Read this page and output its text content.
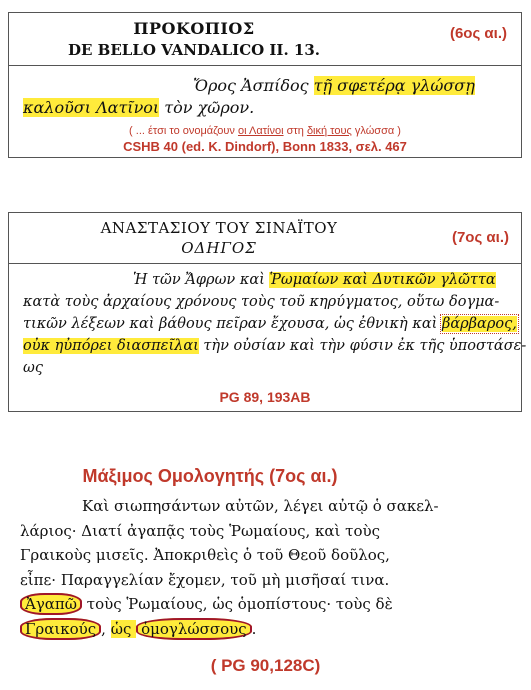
ΠΡΟΚΟΠΙΟΣ
DE BELLO VANDALICO II. 13.
(6ος αι.)
Ὄρος Ἀσπίδος τῇ σφετέρᾳ γλώσσῃ
καλοῦσι Λατῖνοι τὸν χῶρον.
( ... έτσι το ονομάζουν οι Λατίνοι στη δική τους γλώσσα )
CSHB 40 (ed. K. Dindorf), Bonn 1833, σελ. 467
ΑΝΑΣΤΑΣΙΟΥ ΤΟΥ ΣΙΝΑΪΤΟΥ
ΟΔΗΓΟΣ
(7ος αι.)
Ἡ τῶν Ἄφρων καὶ Ῥωμαίων καὶ Δυτικῶν γλῶττα
κατὰ τοὺς ἀρχαίους χρόνους τοὺς τοῦ κηρύγματος, οὕτω δογμα-
τικῶν λέξεων καὶ βάθους πεῖραν ἔχουσα, ὡς ἐθνικὴ καὶ βάρβαρος,
οὐκ ηὐπόρει διασπεῖλαι τὴν οὐσίαν καὶ τὴν φύσιν ἐκ τῆς ὑποστάσε-
ως
PG 89, 193AB
Μάξιμος Ομολογητής (7ος αι.)
Καὶ σιωπησάντων αὐτῶν, λέγει αὐτῷ ὁ σακελ-
λάριος· Διατί ἀγαπᾷς τοὺς Ῥωμαίους, καὶ τοὺς
Γραικοὺς μισεῖς. Ἀποκριθεὶς ὁ τοῦ Θεοῦ δοῦλος,
εἶπε· Παραγγελίαν ἔχομεν, τοῦ μὴ μισῆσαί τινα.
Ἀγαπῶ τοὺς Ῥωμαίους, ὡς ὁμοπίστους· τοὺς δὲ
Γραικούς , ὡς ὁμογλώσσους .
( PG 90,128C)
